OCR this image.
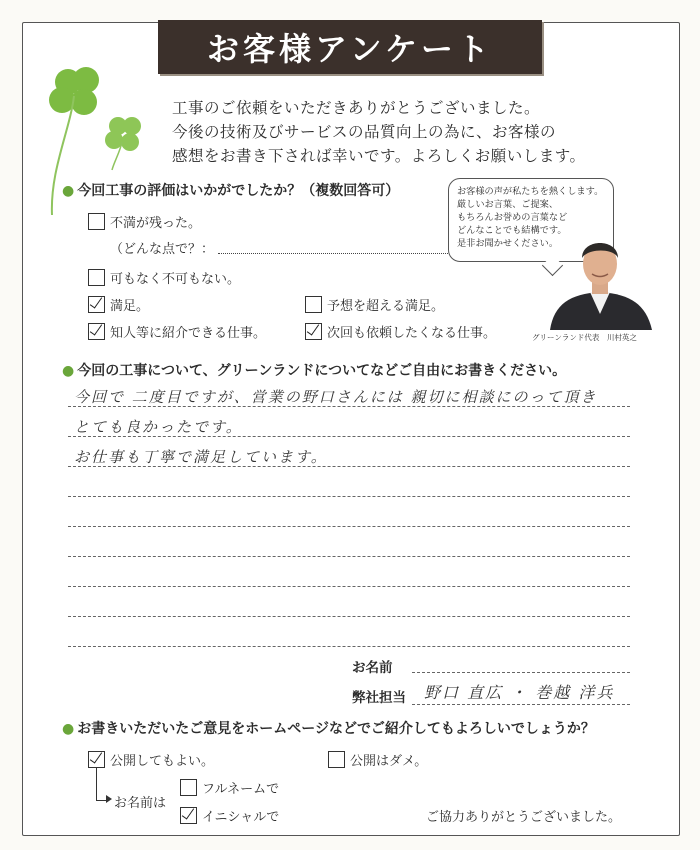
お客様アンケート
工事のご依頼をいただきありがとうございました。
今後の技術及びサービスの品質向上の為に、お客様の
感想をお書き下されば幸いです。よろしくお願いします。
● 今回工事の評価はいかがでしたか？（複数回答可）
不満が残った。
（どんな点で？：
可もなく不可もない。
満足。	予想を超える満足。
知人等に紹介できる仕事。	次回も依頼したくなる仕事。
お客様の声が私たちを熱くします。
厳しいお言葉、ご提案、
もちろんお誉めの言葉など
どんなことでも結構です。
是非お聞かせください。
グリーンランド代表　川村英之
● 今回の工事について、グリーンランドについてなどご自由にお書きください。
今回で 二度目ですが、営業の野口さんには 親切に相談にのって頂き
とても良かったです。
お仕事も丁寧で満足しています。
お名前
弊社担当 野口 直広 ・ 巻越 洋兵
● お書きいただいたご意見をホームページなどでご紹介してもよろしいでしょうか？
公開してもよい。	公開はダメ。
お名前は
フルネームで
イニシャルで	ご協力ありがとうございました。
